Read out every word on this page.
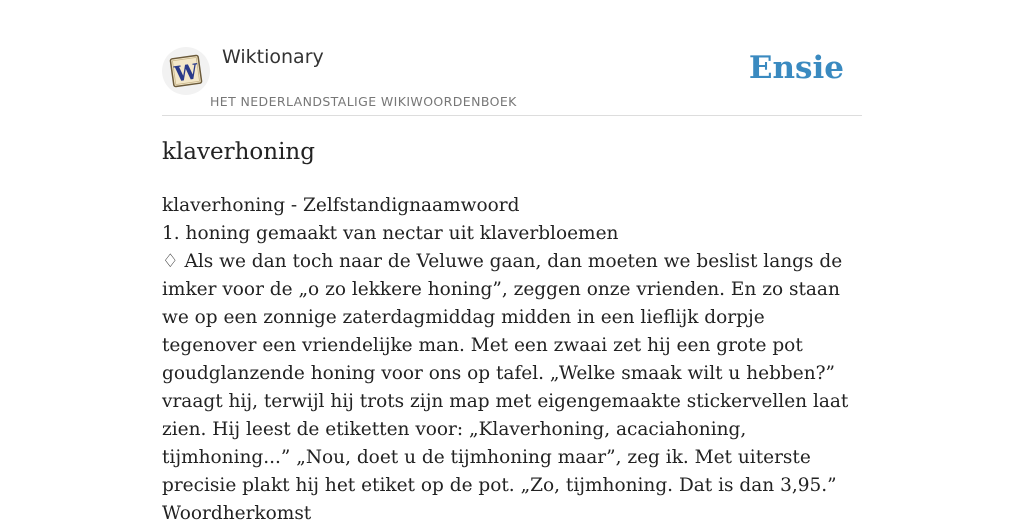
W
Wiktionary
HET NEDERLANDSTALIGE WIKIWOORDENBOEK
Ensie
klaverhoning

klaverhoning - Zelfstandignaamwoord

1. honing gemaakt van nectar uit klaverbloemen

♢ Als we dan toch naar de Veluwe gaan, dan moeten we beslist langs de imker voor de „o zo lekkere honing”, zeggen onze vrienden. En zo staan we op een zonnige zaterdagmiddag midden in een lieflijk dorpje tegenover een vriendelijke man. Met een zwaai zet hij een grote pot goudglanzende honing voor ons op tafel. „Welke smaak wilt u hebben?” vraagt hij, terwijl hij trots zijn map met eigengemaakte stickervellen laat zien. Hij leest de etiketten voor: „Klaverhoning, acaciahoning, tijmhoning...” „Nou, doet u de tijmhoning maar”, zeg ik. Met uiterste precisie plakt hij het etiket op de pot. „Zo, tijmhoning. Dat is dan 3,95.”

Woordherkomst
